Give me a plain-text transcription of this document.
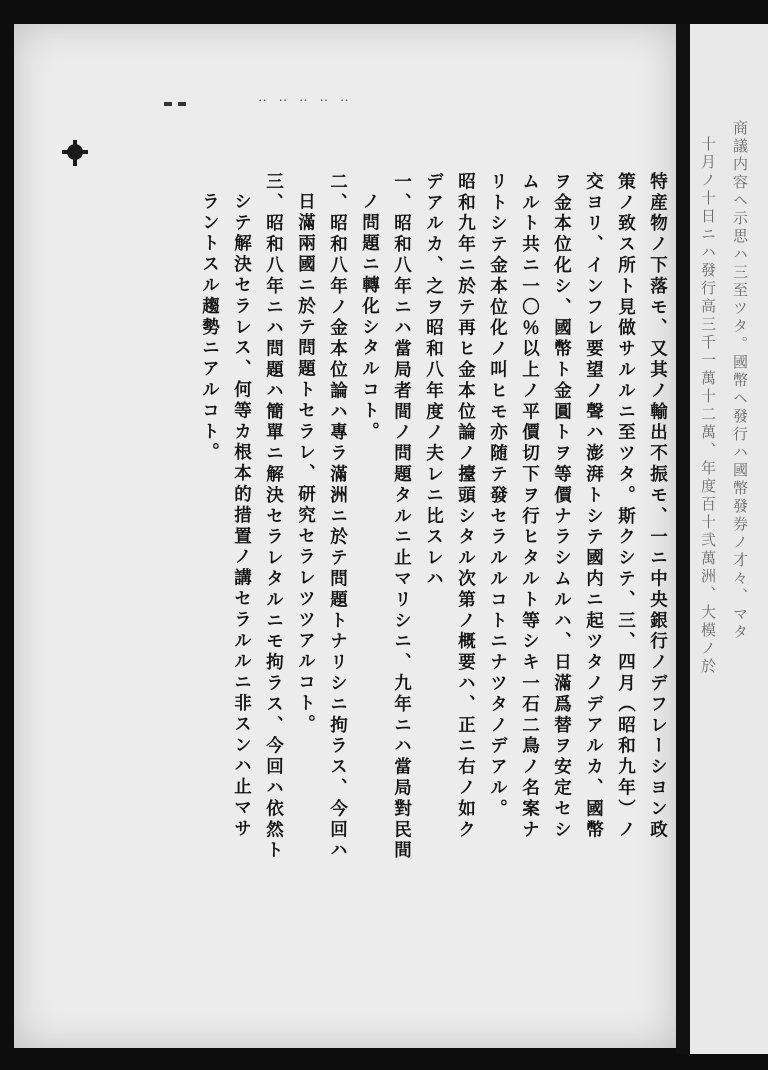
商議内容ヘ示思ハ三至ツタ。國幣ヘ發行ハ國幣發券ノ才々、マタ
十月ノ十日ニハ發行高三千一萬十二萬、年度百十弐萬洲、大模ノ於
‥ ‥ ‥ ‥ ‥
特産物ノ下落モ、又其ノ輸出不振モ、一ニ中央銀行ノデフレーシヨン政
策ノ致ス所ト見做サルルニ至ツタ。斯クシテ、三、四月（昭和九年）ノ
交ヨリ、インフレ要望ノ聲ハ澎湃トシテ國内ニ起ツタノデアルカ、國幣
ヲ金本位化シ、國幣ト金圓トヲ等價ナラシムルハ、日滿爲替ヲ安定セシ
ムルト共ニ一〇％以上ノ平價切下ヲ行ヒタルト等シキ一石二鳥ノ名案ナ
リトシテ金本位化ノ叫ヒモ亦随テ發セラルルコトニナツタノデアル。
昭和九年ニ於テ再ヒ金本位論ノ擡頭シタル次第ノ概要ハ、正ニ右ノ如ク
デアルカ、之ヲ昭和八年度ノ夫レニ比スレハ
一、昭和八年ニハ當局者間ノ問題タルニ止マリシニ、九年ニハ當局對民間
ノ問題ニ轉化シタルコト。
二、昭和八年ノ金本位論ハ專ラ滿洲ニ於テ問題トナリシニ拘ラス、今回ハ
日滿兩國ニ於テ問題トセラレ、研究セラレツツアルコト。
三、昭和八年ニハ問題ハ簡單ニ解決セラレタルニモ拘ラス、今回ハ依然ト
シテ解決セラレス、何等カ根本的措置ノ講セラルルニ非スンハ止マサ
ラントスル趨勢ニアルコト。
